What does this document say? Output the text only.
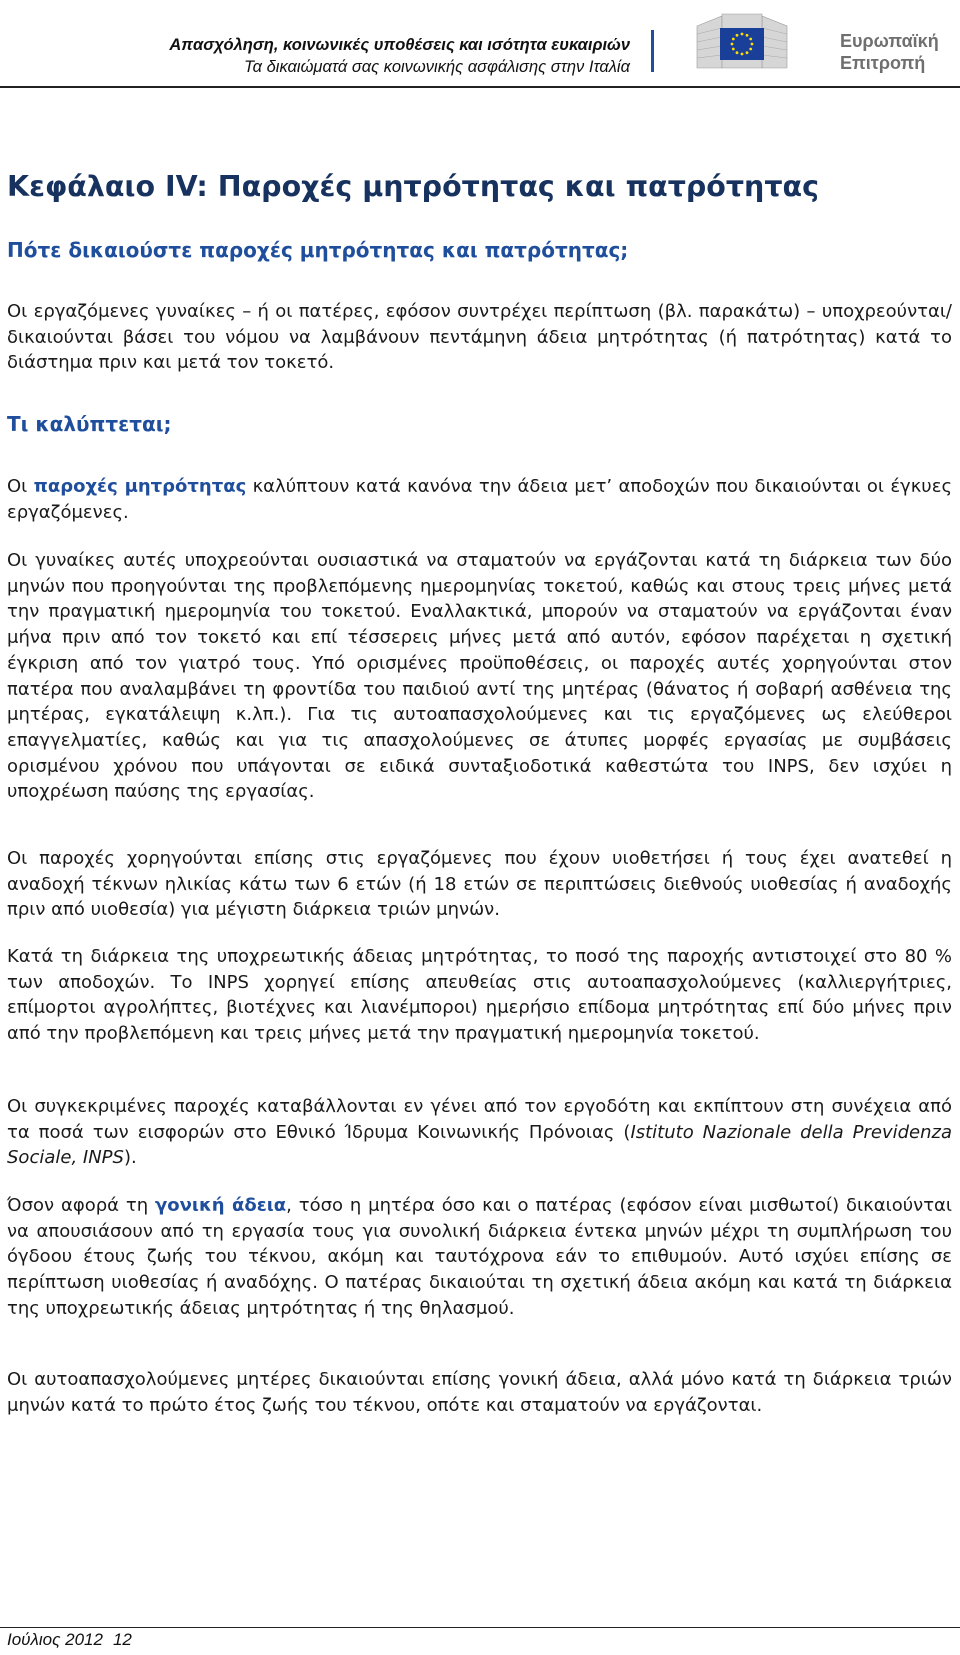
Απασχόληση, κοινωνικές υποθέσεις και ισότητα ευκαιριών
Τα δικαιώματά σας κοινωνικής ασφάλισης στην Ιταλία
Ευρωπαϊκή
Επιτροπή
Κεφάλαιο IV: Παροχές μητρότητας και πατρότητας
Πότε δικαιούστε παροχές μητρότητας και πατρότητας;

Οι εργαζόμενες γυναίκες – ή οι πατέρες, εφόσον συντρέχει περίπτωση (βλ. παρακάτω) – υποχρεούνται/δικαιούνται βάσει του νόμου να λαμβάνουν πεντάμηνη άδεια μητρότητας (ή πατρότητας) κατά το διάστημα πριν και μετά τον τοκετό.

Τι καλύπτεται;

Οι παροχές μητρότητας καλύπτουν κατά κανόνα την άδεια μετ’ αποδοχών που δικαιούνται οι έγκυες εργαζόμενες.

Οι γυναίκες αυτές υποχρεούνται ουσιαστικά να σταματούν να εργάζονται κατά τη διάρκεια των δύο μηνών που προηγούνται της προβλεπόμενης ημερομηνίας τοκετού, καθώς και στους τρεις μήνες μετά την πραγματική ημερομηνία του τοκετού. Εναλλακτικά, μπορούν να σταματούν να εργάζονται έναν μήνα πριν από τον τοκετό και επί τέσσερεις μήνες μετά από αυτόν, εφόσον παρέχεται η σχετική έγκριση από τον γιατρό τους. Υπό ορισμένες προϋποθέσεις, οι παροχές αυτές χορηγούνται στον πατέρα που αναλαμβάνει τη φροντίδα του παιδιού αντί της μητέρας (θάνατος ή σοβαρή ασθένεια της μητέρας, εγκατάλειψη κ.λπ.). Για τις αυτοαπασχολούμενες και τις εργαζόμενες ως ελεύθεροι επαγγελματίες, καθώς και για τις απασχολούμενες σε άτυπες μορφές εργασίας με συμβάσεις ορισμένου χρόνου που υπάγονται σε ειδικά συνταξιοδοτικά καθεστώτα του INPS, δεν ισχύει η υποχρέωση παύσης της εργασίας.

Οι παροχές χορηγούνται επίσης στις εργαζόμενες που έχουν υιοθετήσει ή τους έχει ανατεθεί η αναδοχή τέκνων ηλικίας κάτω των 6 ετών (ή 18 ετών σε περιπτώσεις διεθνούς υιοθεσίας ή αναδοχής πριν από υιοθεσία) για μέγιστη διάρκεια τριών μηνών.

Κατά τη διάρκεια της υποχρεωτικής άδειας μητρότητας, το ποσό της παροχής αντιστοιχεί στο 80 % των αποδοχών. Το INPS χορηγεί επίσης απευθείας στις αυτοαπασχολούμενες (καλλιεργήτριες, επίμορτοι αγρολήπτες, βιοτέχνες και λιανέμποροι) ημερήσιο επίδομα μητρότητας επί δύο μήνες πριν από την προβλεπόμενη και τρεις μήνες μετά την πραγματική ημερομηνία τοκετού.

Οι συγκεκριμένες παροχές καταβάλλονται εν γένει από τον εργοδότη και εκπίπτουν στη συνέχεια από τα ποσά των εισφορών στο Εθνικό Ίδρυμα Κοινωνικής Πρόνοιας (Istituto Nazionale della Previdenza Sociale, INPS).

Όσον αφορά τη γονική άδεια, τόσο η μητέρα όσο και ο πατέρας (εφόσον είναι μισθωτοί) δικαιούνται να απουσιάσουν από τη εργασία τους για συνολική διάρκεια έντεκα μηνών μέχρι τη συμπλήρωση του όγδοου έτους ζωής του τέκνου, ακόμη και ταυτόχρονα εάν το επιθυμούν. Αυτό ισχύει επίσης σε περίπτωση υιοθεσίας ή αναδόχης. Ο πατέρας δικαιούται τη σχετική άδεια ακόμη και κατά τη διάρκεια της υποχρεωτικής άδειας μητρότητας ή της θηλασμού.

Οι αυτοαπασχολούμενες μητέρες δικαιούνται επίσης γονική άδεια, αλλά μόνο κατά τη διάρκεια τριών μηνών κατά το πρώτο έτος ζωής του τέκνου, οπότε και σταματούν να εργάζονται.

Ιούλιος 2012 12
